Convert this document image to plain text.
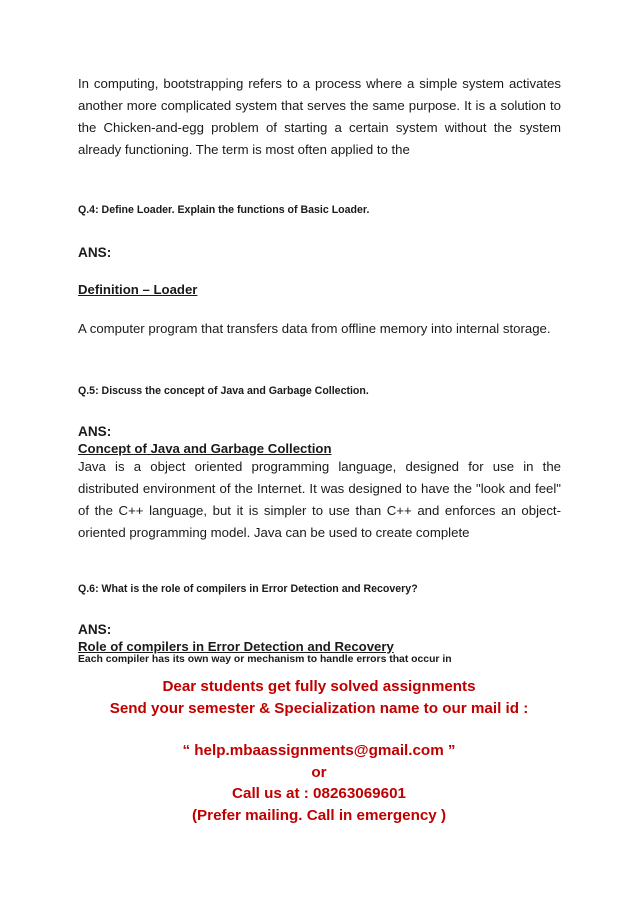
In computing, bootstrapping refers to a process where a simple system activates another more complicated system that serves the same purpose. It is a solution to the Chicken-and-egg problem of starting a certain system without the system already functioning. The term is most often applied to the

Q.4: Define Loader. Explain the functions of Basic Loader.

ANS:

Definition – Loader

A computer program that transfers data from offline memory into internal storage.

Q.5: Discuss the concept of Java and Garbage Collection.

ANS:

Concept of Java and Garbage Collection

Java is a object oriented programming language, designed for use in the distributed environment of the Internet. It was designed to have the "look and feel" of the C++ language, but it is simpler to use than C++ and enforces an object-oriented programming model. Java can be used to create complete

Q.6: What is the role of compilers in Error Detection and Recovery?

ANS:

Role of compilers in Error Detection and Recovery

Each compiler has its own way or mechanism to handle errors that occur in

Dear students get fully solved assignments
Send your semester & Specialization name to our mail id :
“ help.mbaassignments@gmail.com ”
or
Call us at : 08263069601
(Prefer mailing. Call in emergency )
